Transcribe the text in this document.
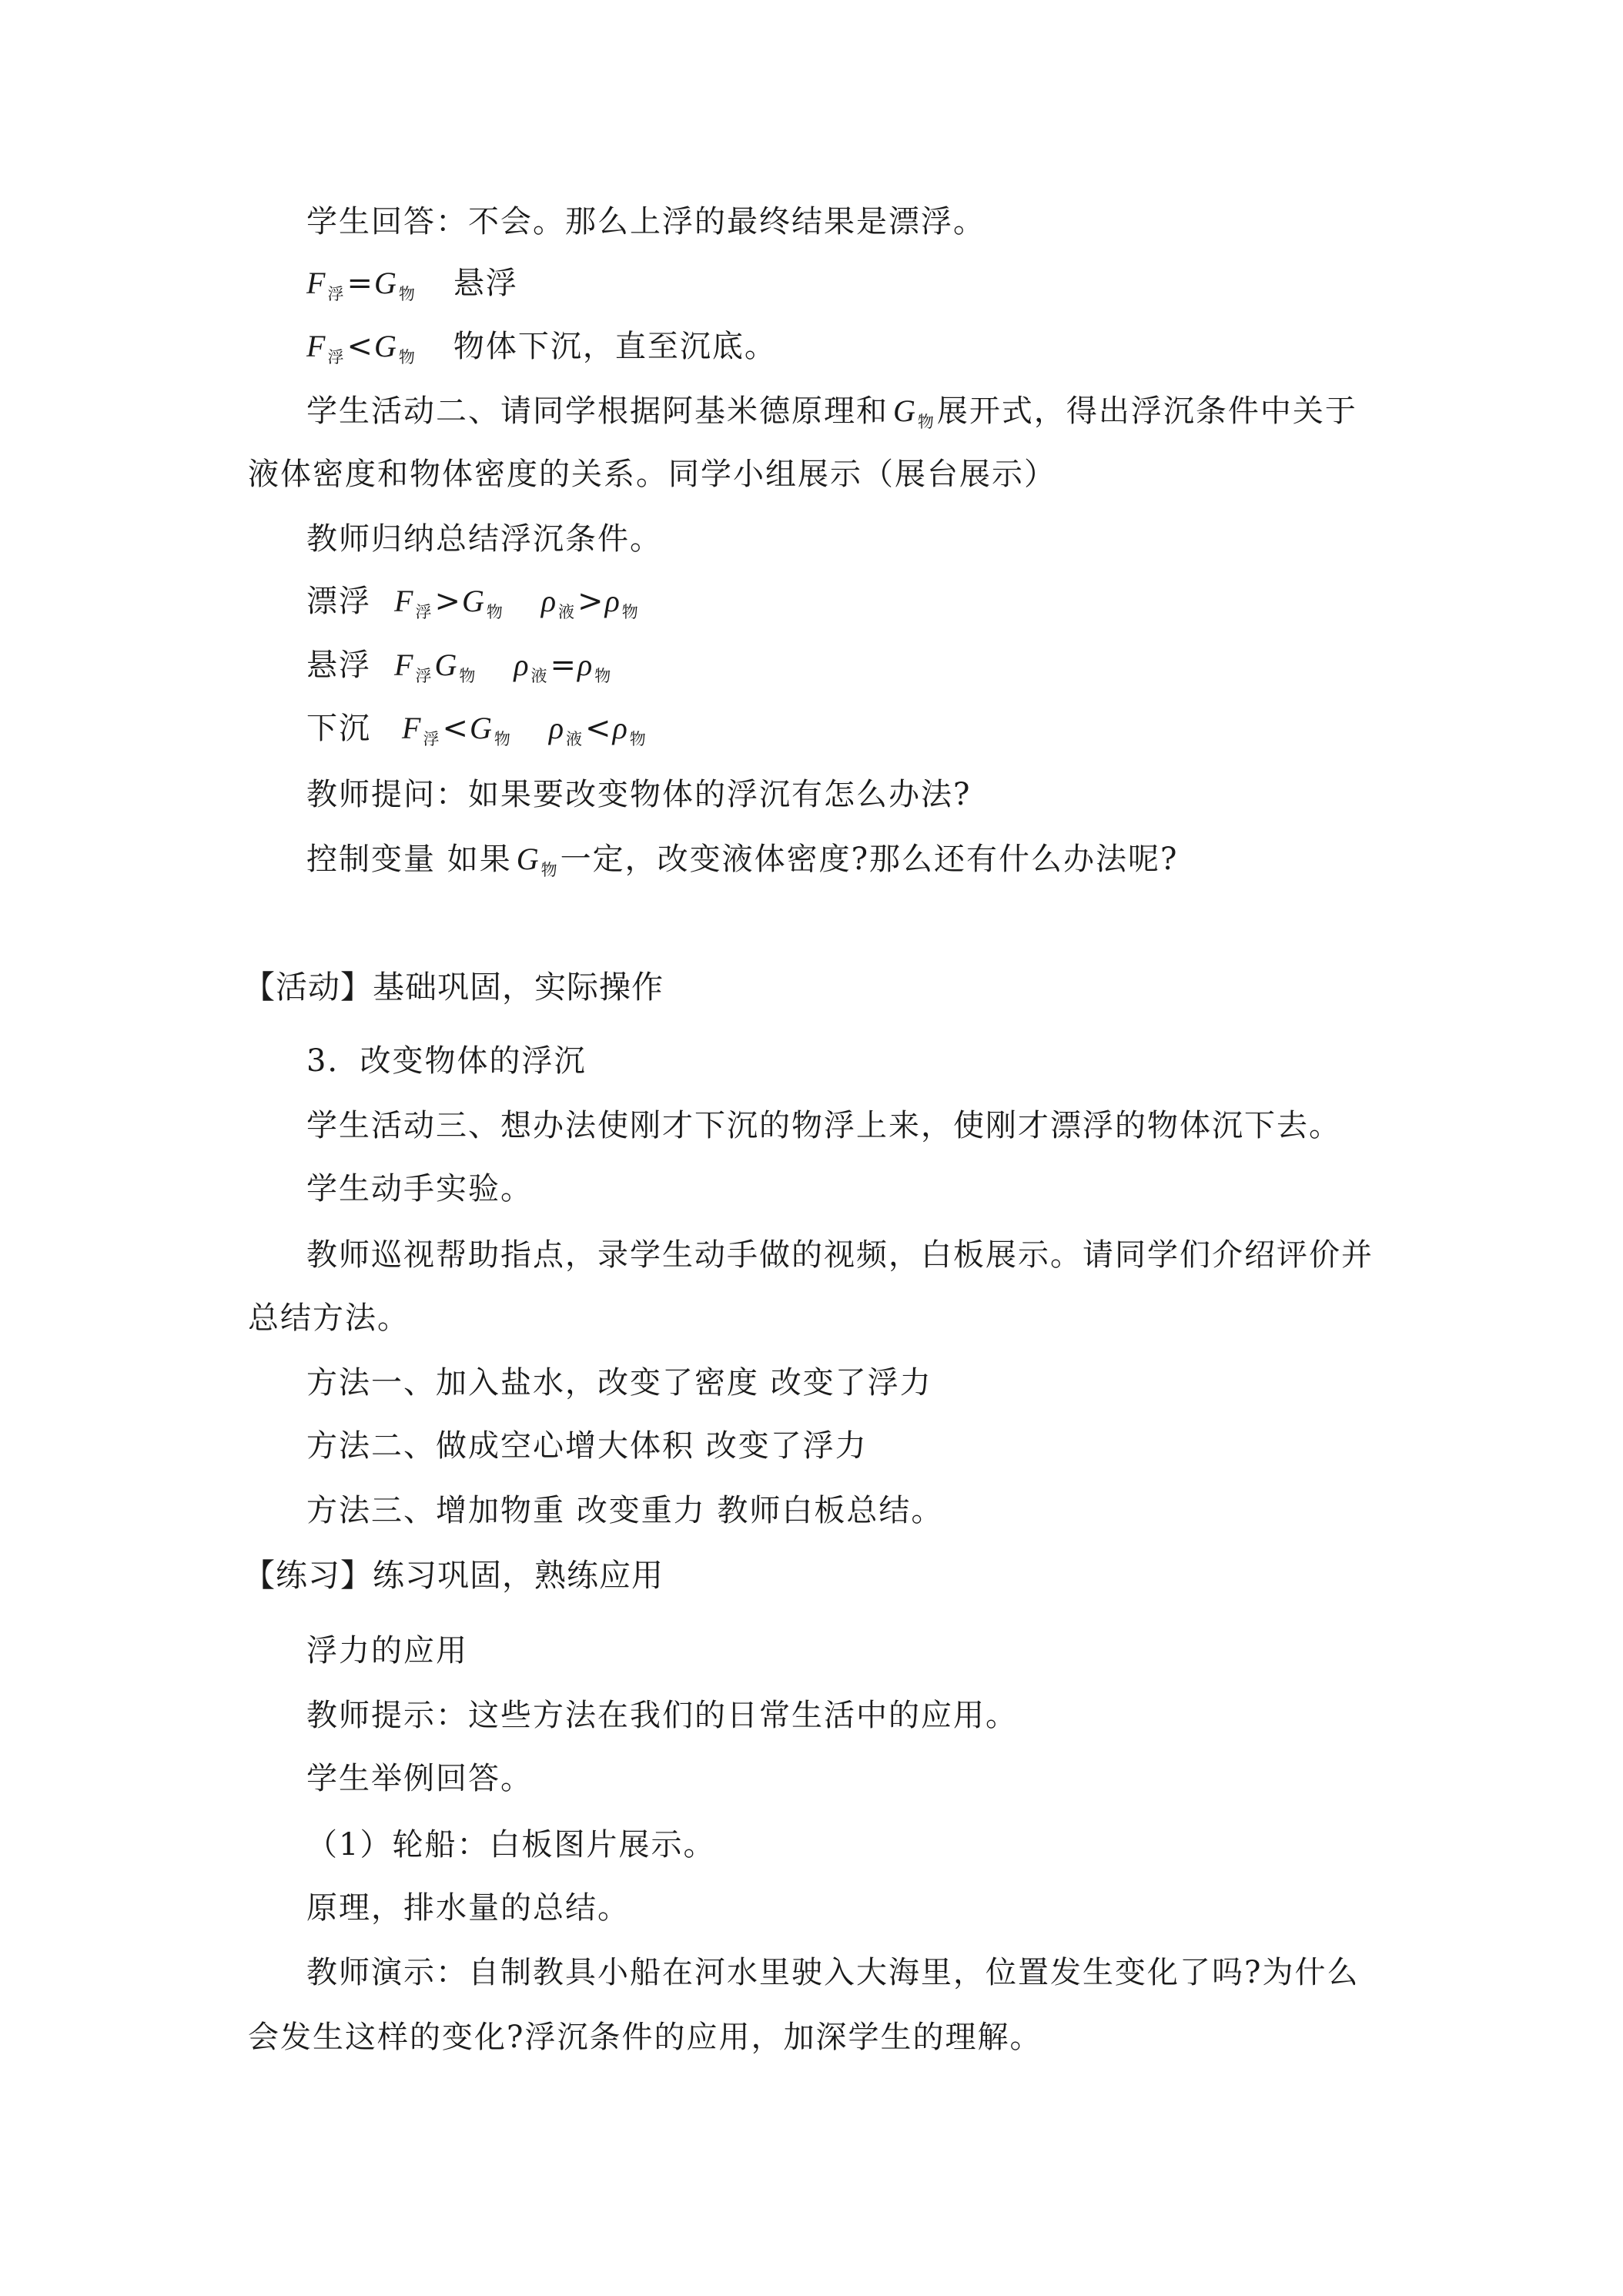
学生回答：不会。那么上浮的最终结果是漂浮。
F $_浮$ =G $_物$ 悬浮
F $_浮$ <G $_物$ 物体下沉，直至沉底。
学生活动二、请同学根据阿基米德原理和 G $_物$ 展开式，得出浮沉条件中关于
液体密度和物体密度的关系。同学小组展示（展台展示）
教师归纳总结浮沉条件。
漂浮 F $_浮$ >G $_物$ ρ $_液$ >ρ $_物$
悬浮 F $_浮$ G $_物$ ρ $_液$ =ρ $_物$
下沉 F $_浮$ <G $_物$ ρ $_液$ <ρ $_物$
教师提问：如果要改变物体的浮沉有怎么办法?
控制变量 如果 G $_物$ 一定，改变液体密度?那么还有什么办法呢?
【活动】基础巩固，实际操作
3．改变物体的浮沉
学生活动三、想办法使刚才下沉的物浮上来，使刚才漂浮的物体沉下去。
学生动手实验。
教师巡视帮助指点，录学生动手做的视频，白板展示。请同学们介绍评价并
总结方法。
方法一、加入盐水，改变了密度 改变了浮力
方法二、做成空心增大体积 改变了浮力
方法三、增加物重 改变重力 教师白板总结。
【练习】练习巩固，熟练应用
浮力的应用
教师提示：这些方法在我们的日常生活中的应用。
学生举例回答。
（1）轮船：白板图片展示。
原理，排水量的总结。
教师演示：自制教具小船在河水里驶入大海里，位置发生变化了吗?为什么
会发生这样的变化?浮沉条件的应用，加深学生的理解。
